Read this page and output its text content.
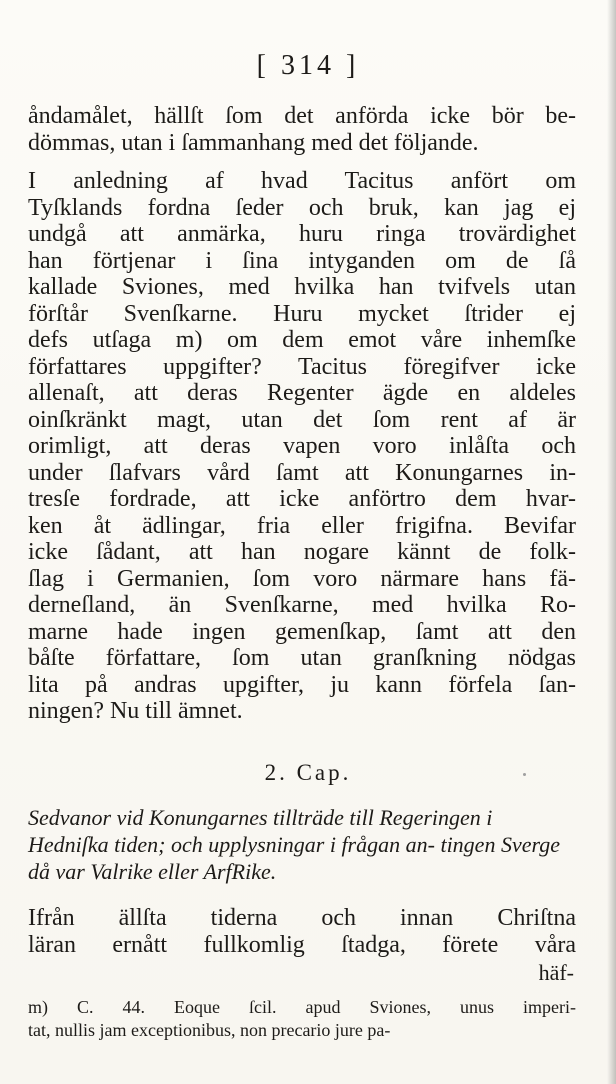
[ 314 ]
åndamålet, hällſt ſom det anförda icke bör be-
dömmas, utan i ſammanhang med det följande.
I anledning af hvad Tacitus anfört om
Tyſklands fordna ſeder och bruk, kan jag ej
undgå att anmärka, huru ringa trovärdighet
han förtjenar i ſina intyganden om de ſå
kallade Sviones, med hvilka han tvifvels utan
förſtår Svenſkarne. Huru mycket ſtrider ej
defs utſaga m) om dem emot våre inhemſke
författares uppgifter? Tacitus föregifver icke
allenaſt, att deras Regenter ägde en aldeles
oinſkränkt magt, utan det ſom rent af är
orimligt, att deras vapen voro inlåſta och
under ſlafvars vård ſamt att Konungarnes in-
tresſe fordrade, att icke anförtro dem hvar-
ken åt ädlingar, fria eller frigifna. Bevifar
icke ſådant, att han nogare kännt de folk-
ſlag i Germanien, ſom voro närmare hans fä-
derneſland, än Svenſkarne, med hvilka Ro-
marne hade ingen gemenſkap, ſamt att den
båſte författare, ſom utan granſkning nödgas
lita på andras upgifter, ju kann förfela ſan-
ningen? Nu till ämnet.
2. Cap.
Sedvanor vid Konungarnes tillträde till Regeringen i Hedniſka tiden; och upplysningar i frågan an- tingen Sverge då var Valrike eller ArfRike.
Ifrån ällſta tiderna och innan Chriſtna
läran ernått fullkomlig ſtadga, förete våra
häf-
m) C. 44. Eoque ſcil. apud Sviones, unus imperi-
tat, nullis jam exceptionibus, non precario jure pa-
